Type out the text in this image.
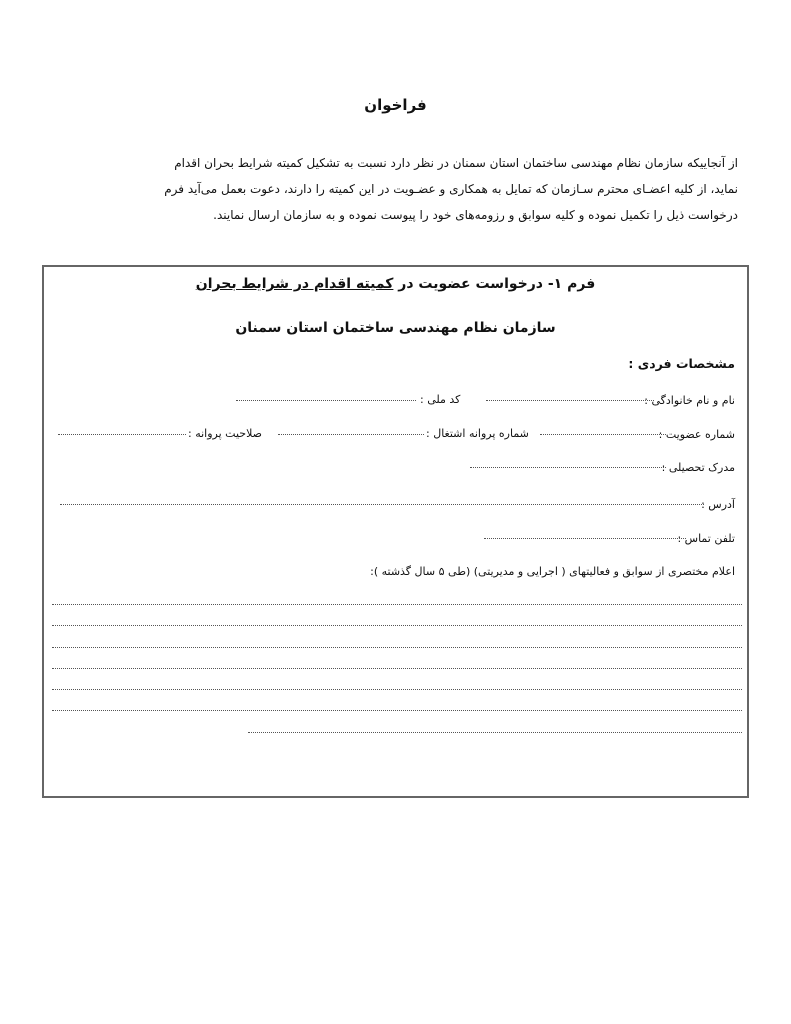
فراخوان

از آنجاییکه سازمان نظام مهندسی ساختمان استان سمنان در نظر دارد نسبت به تشکیل کمیته شرایط بحران اقدام

نماید، از کلیه اعضـای محترم سـازمان که تمایل به همکاری و عضـویت در این کمیته را دارند، دعوت بعمل می‌آید فرم

درخواست ذیل را تکمیل نموده و کلیه سوابق و رزومه‌های خود را پیوست نموده و به سازمان ارسال نمایند.

فرم ۱- درخواست عضویت در کمیته اقدام در شرایط بحران
سازمان نظام مهندسی ساختمان استان سمنان
مشخصات فردی :
نام و نام خانوادگی :
کد ملی :
شماره عضویت :
شماره پروانه اشتغال :
صلاحیت پروانه :
مدرک تحصیلی :
آدرس :
تلفن تماس :
اعلام مختصری از سوابق و فعالیتهای ( اجرایی و مدیریتی) (طی ۵ سال گذشته ):
